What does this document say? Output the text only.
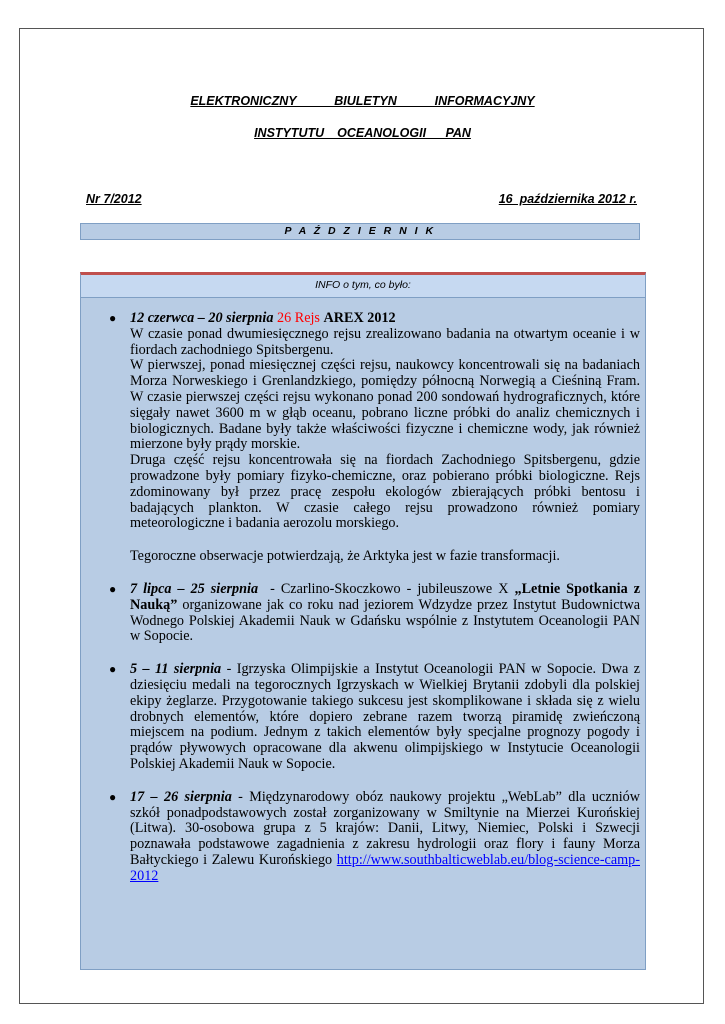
ELEKTRONICZNY    BIULETYN    INFORMACYJNY
INSTYTUTU  OCEANOLOGII   PAN
Nr 7/2012	16  października 2012 r.
P A Ź D Z I E R N I K
INFO o tym, co było:
● 12 czerwca – 20 sierpnia 26 Rejs AREX 2012

W czasie ponad dwumiesięcznego rejsu zrealizowano badania na otwartym oceanie i w fiordach zachodniego Spitsbergenu.

W pierwszej, ponad miesięcznej części rejsu, naukowcy koncentrowali się na badaniach Morza Norweskiego i Grenlandzkiego, pomiędzy północną Norwegią a Cieśniną Fram. W czasie pierwszej części rejsu wykonano ponad 200 sondowań hydrograficznych, które sięgały nawet 3600 m w głąb oceanu, pobrano liczne próbki do analiz chemicznych i biologicznych. Badane były także właściwości fizyczne i chemiczne wody, jak również mierzone były prądy morskie.

Druga część rejsu koncentrowała się na fiordach Zachodniego Spitsbergenu, gdzie prowadzone były pomiary fizyko-chemiczne, oraz pobierano próbki biologiczne. Rejs zdominowany był przez pracę zespołu ekologów zbierających próbki bentosu i badających plankton. W czasie całego rejsu prowadzono również pomiary meteorologiczne i badania aerozolu morskiego.

Tegoroczne obserwacje potwierdzają, że Arktyka jest w fazie transformacji.

● 7 lipca – 25 sierpnia  - Czarlino-Skoczkowo - jubileuszowe X „Letnie Spotkania z Nauką” organizowane jak co roku nad jeziorem Wdzydze przez Instytut Budownictwa Wodnego Polskiej Akademii Nauk w Gdańsku wspólnie z Instytutem Oceanologii PAN w Sopocie.

● 5 – 11 sierpnia - Igrzyska Olimpijskie a Instytut Oceanologii PAN w Sopocie. Dwa z dziesięciu medali na tegorocznych Igrzyskach w Wielkiej Brytanii zdobyli dla polskiej ekipy żeglarze. Przygotowanie takiego sukcesu jest skomplikowane i składa się z wielu drobnych elementów, które dopiero zebrane razem tworzą piramidę zwieńczoną miejscem na podium. Jednym z takich elementów były specjalne prognozy pogody i prądów pływowych opracowane dla akwenu olimpijskiego w Instytucie Oceanologii Polskiej Akademii Nauk w Sopocie.

● 17 – 26 sierpnia - Międzynarodowy obóz naukowy projektu „WebLab” dla uczniów szkół ponadpodstawowych został zorganizowany w Smiltynie na Mierzei Kurońskiej (Litwa). 30-osobowa grupa z 5 krajów: Danii, Litwy, Niemiec, Polski i Szwecji poznawała podstawowe zagadnienia z zakresu hydrologii oraz flory i fauny Morza Bałtyckiego i Zalewu Kurońskiego http://www.southbalticweblab.eu/blog-science-camp-2012
